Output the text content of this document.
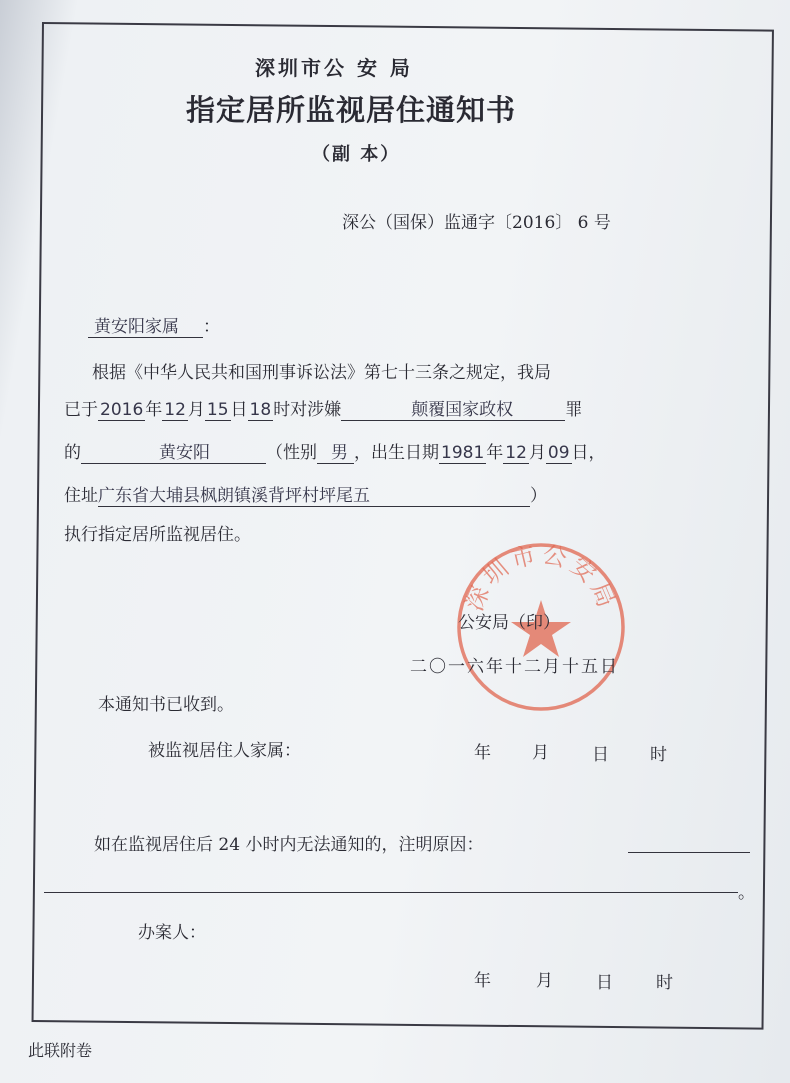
深圳市公 安 局
指定居所监视居住通知书
（副 本）
深公（国保）监通字〔2016〕 6 号
黄安阳家属 ：
根据《中华人民共和国刑事诉讼法》第七十三条之规定，我局
已于 2016 年 12 月 15 日 18 时对涉嫌	颠覆国家政权	罪
的	黄安阳	（性别 男 ，出生日期 1981 年 12 月 09 日，
住址广东省大埔县枫朗镇溪背坪村坪尾五	）
执行指定居所监视居住。
深圳市公安局
公安局（印）
二〇一六年十二月十五日
本通知书已收到。
被监视居住人家属：	年 月	日 时
如在监视居住后 24 小时内无法通知的，注明原因：
。
办案人：
年	月	日	时
此联附卷
